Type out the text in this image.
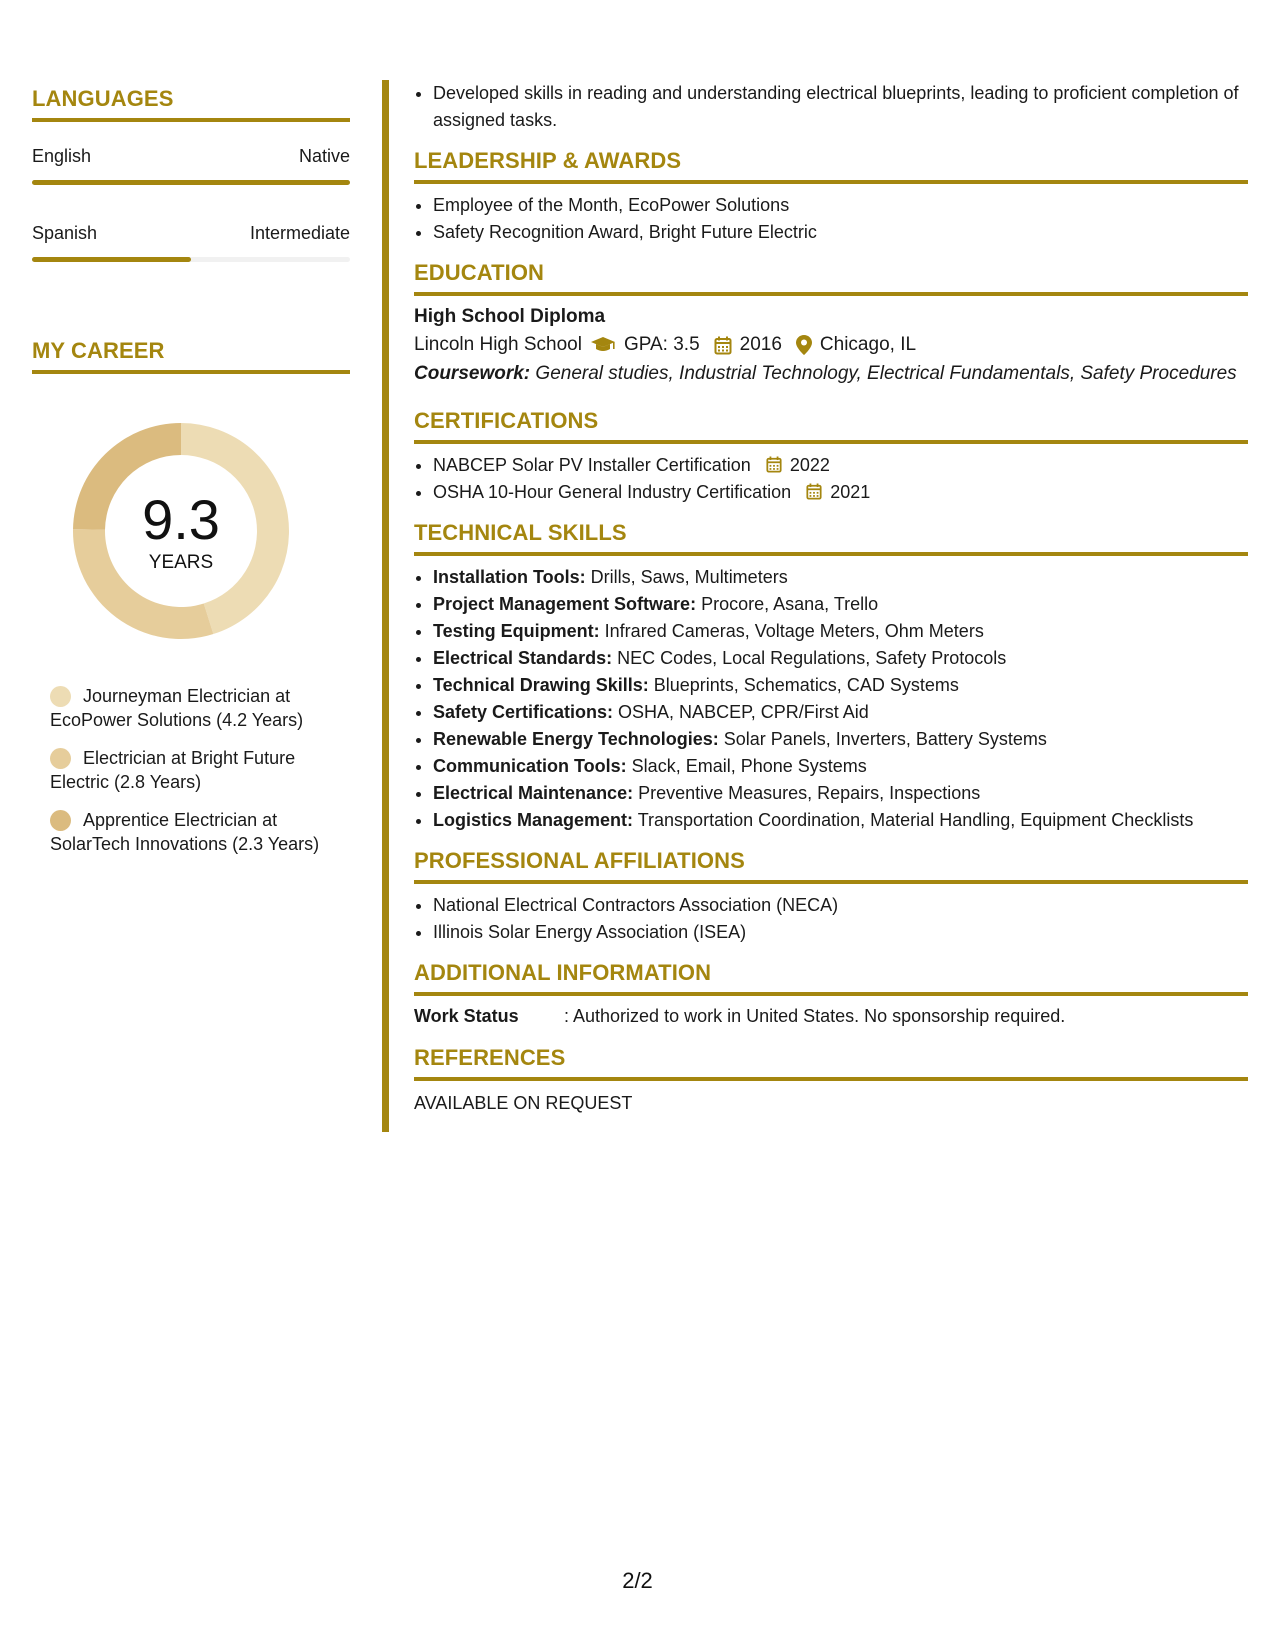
LANGUAGES
English	Native
Spanish	Intermediate
MY CAREER
9.3
YEARS
Journeyman Electrician at EcoPower Solutions (4.2 Years)
Electrician at Bright Future Electric (2.8 Years)
Apprentice Electrician at SolarTech Innovations (2.3 Years)
• Developed skills in reading and understanding electrical blueprints, leading to proficient completion of assigned tasks.
LEADERSHIP & AWARDS
• Employee of the Month, EcoPower Solutions
• Safety Recognition Award, Bright Future Electric
EDUCATION
High School Diploma
Lincoln High School GPA: 3.5 2016 Chicago, IL
Coursework: General studies, Industrial Technology, Electrical Fundamentals, Safety Procedures
CERTIFICATIONS
• NABCEP Solar PV Installer Certification 2022
• OSHA 10-Hour General Industry Certification 2021
TECHNICAL SKILLS
• Installation Tools: Drills, Saws, Multimeters
• Project Management Software: Procore, Asana, Trello
• Testing Equipment: Infrared Cameras, Voltage Meters, Ohm Meters
• Electrical Standards: NEC Codes, Local Regulations, Safety Protocols
• Technical Drawing Skills: Blueprints, Schematics, CAD Systems
• Safety Certifications: OSHA, NABCEP, CPR/First Aid
• Renewable Energy Technologies: Solar Panels, Inverters, Battery Systems
• Communication Tools: Slack, Email, Phone Systems
• Electrical Maintenance: Preventive Measures, Repairs, Inspections
• Logistics Management: Transportation Coordination, Material Handling, Equipment Checklists
PROFESSIONAL AFFILIATIONS
• National Electrical Contractors Association (NECA)
• Illinois Solar Energy Association (ISEA)
ADDITIONAL INFORMATION
Work Status	: Authorized to work in United States. No sponsorship required.
REFERENCES
AVAILABLE ON REQUEST
2/2
